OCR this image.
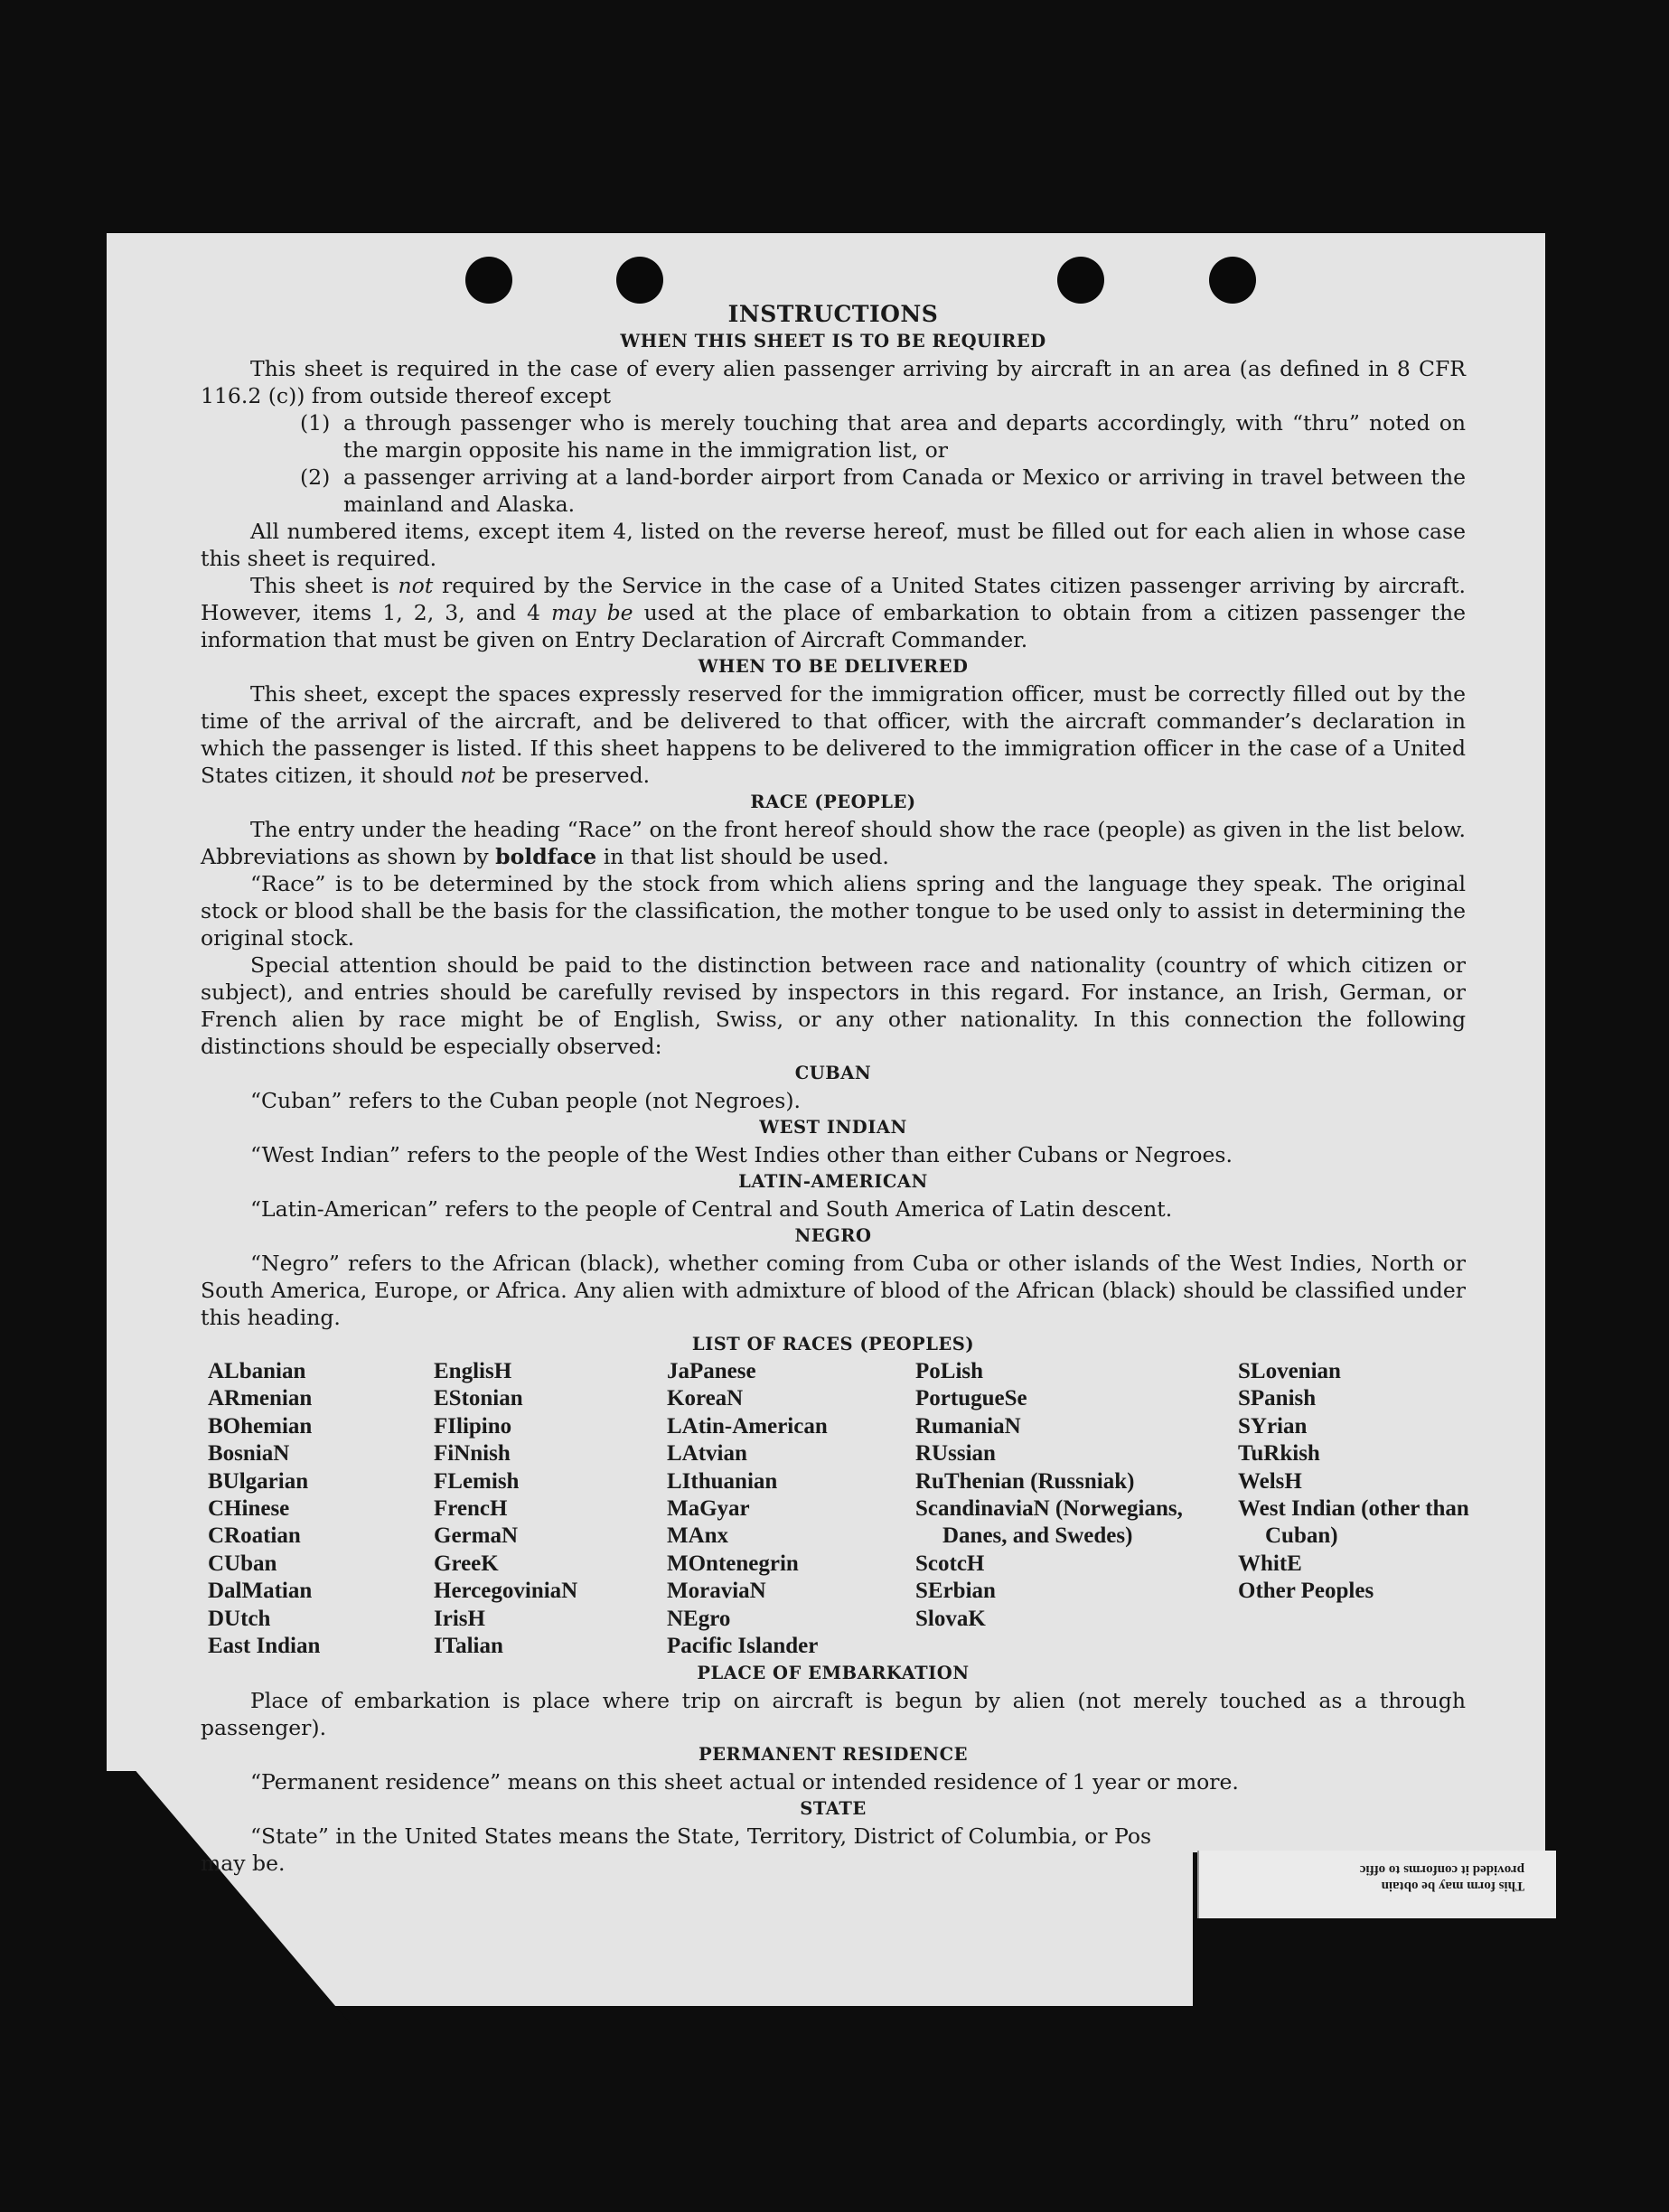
This form may be obtain
provided it conforms to offic
INSTRUCTIONS
WHEN THIS SHEET IS TO BE REQUIRED

This sheet is required in the case of every alien passenger arriving by aircraft in an area (as defined in 8 CFR 116.2 (c)) from outside thereof except

(1) a through passenger who is merely touching that area and departs accordingly, with “thru” noted on the margin opposite his name in the immigration list, or
(2) a passenger arriving at a land-border airport from Canada or Mexico or arriving in travel between the mainland and Alaska.

All numbered items, except item 4, listed on the reverse hereof, must be filled out for each alien in whose case this sheet is required.

This sheet is not required by the Service in the case of a United States citizen passenger arriving by aircraft. However, items 1, 2, 3, and 4 may be used at the place of embarkation to obtain from a citizen passenger the information that must be given on Entry Declaration of Aircraft Commander.

WHEN TO BE DELIVERED

This sheet, except the spaces expressly reserved for the immigration officer, must be correctly filled out by the time of the arrival of the aircraft, and be delivered to that officer, with the aircraft commander’s declaration in which the passenger is listed. If this sheet happens to be delivered to the immigration officer in the case of a United States citizen, it should not be preserved.

RACE (PEOPLE)

The entry under the heading “Race” on the front hereof should show the race (people) as given in the list below. Abbreviations as shown by boldface in that list should be used.

“Race” is to be determined by the stock from which aliens spring and the language they speak. The original stock or blood shall be the basis for the classification, the mother tongue to be used only to assist in determining the original stock.

Special attention should be paid to the distinction between race and nationality (country of which citizen or subject), and entries should be carefully revised by inspectors in this regard. For instance, an Irish, German, or French alien by race might be of English, Swiss, or any other nationality. In this connection the following distinctions should be especially observed:

CUBAN

“Cuban” refers to the Cuban people (not Negroes).

WEST INDIAN

“West Indian” refers to the people of the West Indies other than either Cubans or Negroes.

LATIN-AMERICAN

“Latin-American” refers to the people of Central and South America of Latin descent.

NEGRO

“Negro” refers to the African (black), whether coming from Cuba or other islands of the West Indies, North or South America, Europe, or Africa. Any alien with admixture of blood of the African (black) should be classified under this heading.

LIST OF RACES (PEOPLES)
ALbanian
ARmenian
BOhemian
BosniaN
BUlgarian
CHinese
CRoatian
CUban
DalMatian
DUtch
East Indian
EnglisH
EStonian
FIlipino
FiNnish
FLemish
FrencH
GermaN
GreeK
HercegoviniaN
IrisH
ITalian
JaPanese
KoreaN
LAtin-American
LAtvian
LIthuanian
MaGyar
MAnx
MOntenegrin
MoraviaN
NEgro
Pacific Islander
PoLish
PortugueSe
RumaniaN
RUssian
RuThenian (Russniak)
ScandinaviaN (Norwegians, Danes, and Swedes)
ScotcH
SErbian
SlovaK
SLovenian
SPanish
SYrian
TuRkish
WelsH
West Indian (other than Cuban)
WhitE
Other Peoples
PLACE OF EMBARKATION

Place of embarkation is place where trip on aircraft is begun by alien (not merely touched as a through passenger).

PERMANENT RESIDENCE

“Permanent residence” means on this sheet actual or intended residence of 1 year or more.

STATE

“State” in the United States means the State, Territory, District of Columbia, or Pos

may be.
